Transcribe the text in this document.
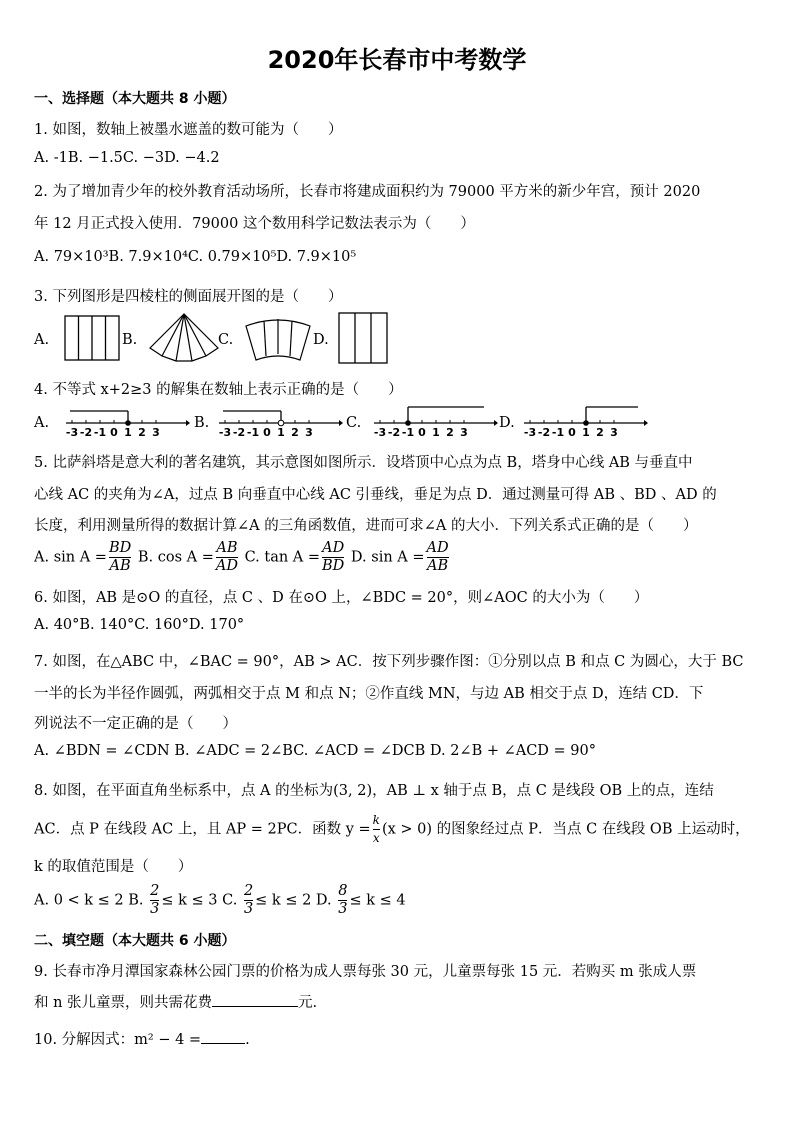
2020年长春市中考数学
一、选择题（本大题共 8 小题）
1. 如图，数轴上被墨水遮盖的数可能为（　　）
A. -1B. −1.5C. −3D. −4.2
2. 为了增加青少年的校外教育活动场所，长春市将建成面积约为 79000 平方米的新少年宫，预计 2020
年 12 月正式投入使用．79000 这个数用科学记数法表示为（　　）
A. 79×10³B. 7.9×10⁴C. 0.79×10⁵D. 7.9×10⁵
3. 下列图形是四棱柱的侧面展开图的是（　　）
A.	B.	C.	D.
4. 不等式 x+2≥3 的解集在数轴上表示正确的是（　　）
A.
-3 -2 -1 0 1 2 3
B.
-3 -2 -1 0 1 2 3
C.
-3 -2 -1 0 1 2 3
D.
-3 -2 -1 0 1 2 3
5. 比萨斜塔是意大利的著名建筑，其示意图如图所示．设塔顶中心点为点 B，塔身中心线 AB 与垂直中
心线 AC 的夹角为∠A，过点 B 向垂直中心线 AC 引垂线，垂足为点 D．通过测量可得 AB 、BD 、AD 的
长度，利用测量所得的数据计算∠A 的三角函数值，进而可求∠A 的大小．下列关系式正确的是（　　）
A. $\sin A = \frac{BD}{AB} B$. $\cos A = \frac{AB}{AD} C$. $\tan A = \frac{AD}{BD} D$. $\sin A = \frac{AD}{AB}$
6. 如图，AB 是⊙O 的直径，点 C 、D 在⊙O 上，∠BDC = 20°，则∠AOC 的大小为（　　）
A. 40°B. 140°C. 160°D. 170°
7. 如图，在△ABC 中，∠BAC = 90°，AB > AC．按下列步骤作图：①分别以点 B 和点 C 为圆心，大于 BC
一半的长为半径作圆弧，两弧相交于点 M 和点 N；②作直线 MN，与边 AB 相交于点 D，连结 CD．下
列说法不一定正确的是（　　）
A. ∠BDN = ∠CDN B. ∠ADC = 2∠BC. ∠ACD = ∠DCB D. 2∠B + ∠ACD = 90°
8. 如图，在平面直角坐标系中，点 A 的坐标为(3, 2)，AB ⊥ x 轴于点 B，点 C 是线段 OB 上的点，连结
AC．点 P 在线段 AC 上，且 AP = 2PC．函数 $y = \frac{k}{x} (x > 0)$ 的图象经过点 P．当点 C 在线段 OB 上运动时，
k 的取值范围是（　　）
A. 0 < k ≤ 2 B. $\frac{2}{3} \le k \le 3$ C. $\frac{2}{3} \le k \le 2$ D. $\frac{8}{3} \le k \le 4$
二、填空题（本大题共 6 小题）
9. 长春市净月潭国家森林公园门票的价格为成人票每张 30 元，儿童票每张 15 元．若购买 m 张成人票
和 n 张儿童票，则共需花费	元.
10. 分解因式：m² − 4 =	.
